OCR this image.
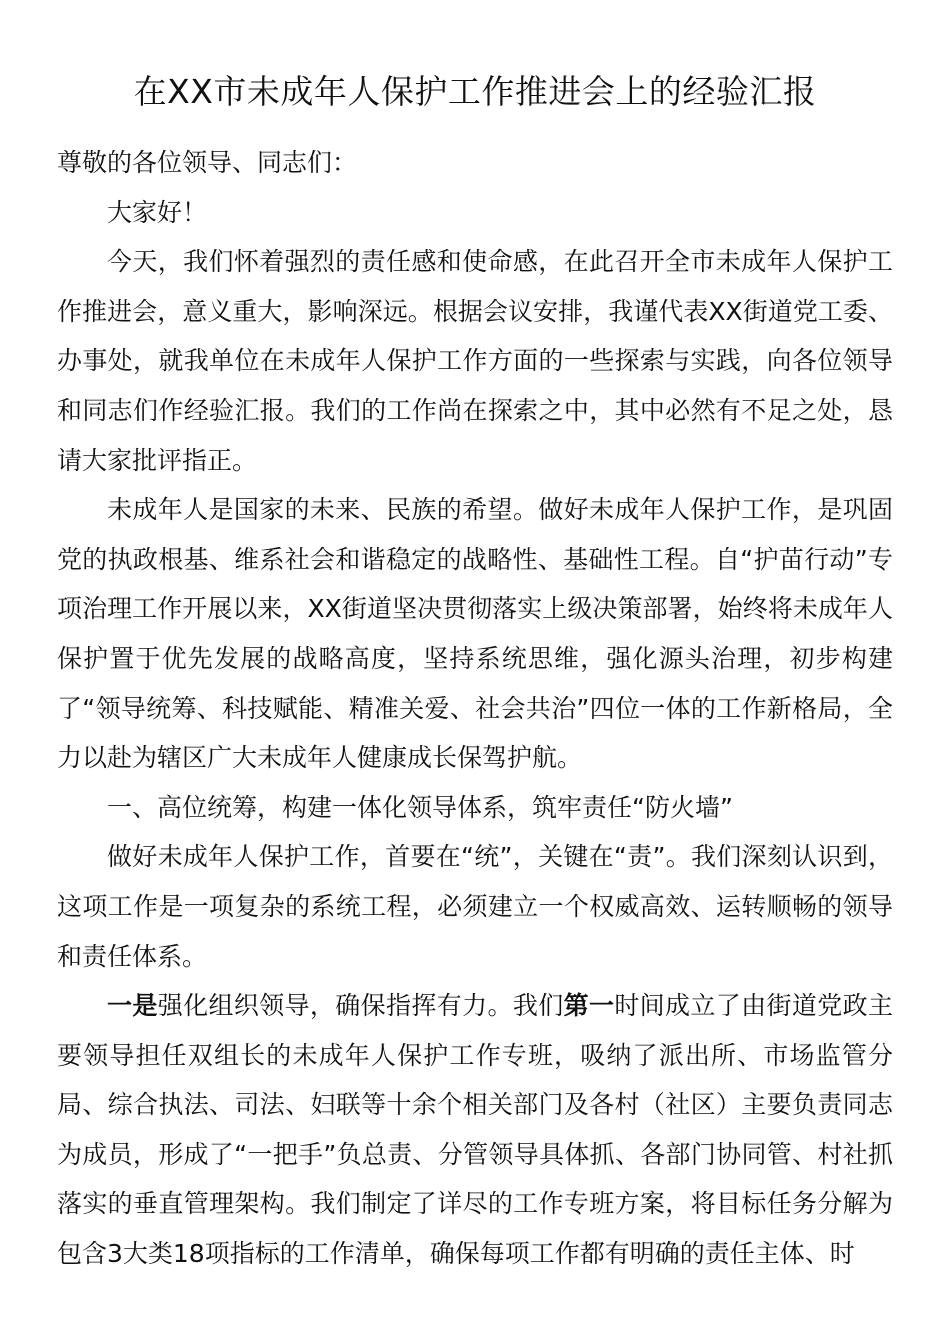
在XX市未成年人保护工作推进会上的经验汇报

尊敬的各位领导、同志们：

大家好！

今天，我们怀着强烈的责任感和使命感，在此召开全市未成年人保护工作推进会，意义重大，影响深远。根据会议安排，我谨代表XX街道党工委、办事处，就我单位在未成年人保护工作方面的一些探索与实践，向各位领导和同志们作经验汇报。我们的工作尚在探索之中，其中必然有不足之处，恳请大家批评指正。

未成年人是国家的未来、民族的希望。做好未成年人保护工作，是巩固党的执政根基、维系社会和谐稳定的战略性、基础性工程。自“护苗行动”专项治理工作开展以来，XX街道坚决贯彻落实上级决策部署，始终将未成年人保护置于优先发展的战略高度，坚持系统思维，强化源头治理，初步构建了“领导统筹、科技赋能、精准关爱、社会共治”四位一体的工作新格局，全力以赴为辖区广大未成年人健康成长保驾护航。

一、高位统筹，构建一体化领导体系，筑牢责任“防火墙”

做好未成年人保护工作，首要在“统”，关键在“责”。我们深刻认识到，这项工作是一项复杂的系统工程，必须建立一个权威高效、运转顺畅的领导和责任体系。

一是强化组织领导，确保指挥有力。我们第一时间成立了由街道党政主要领导担任双组长的未成年人保护工作专班，吸纳了派出所、市场监管分局、综合执法、司法、妇联等十余个相关部门及各村（社区）主要负责同志为成员，形成了“一把手”负总责、分管领导具体抓、各部门协同管、村社抓落实的垂直管理架构。我们制定了详尽的工作专班方案，将目标任务分解为包含3大类18项指标的工作清单，确保每项工作都有明确的责任主体、时
